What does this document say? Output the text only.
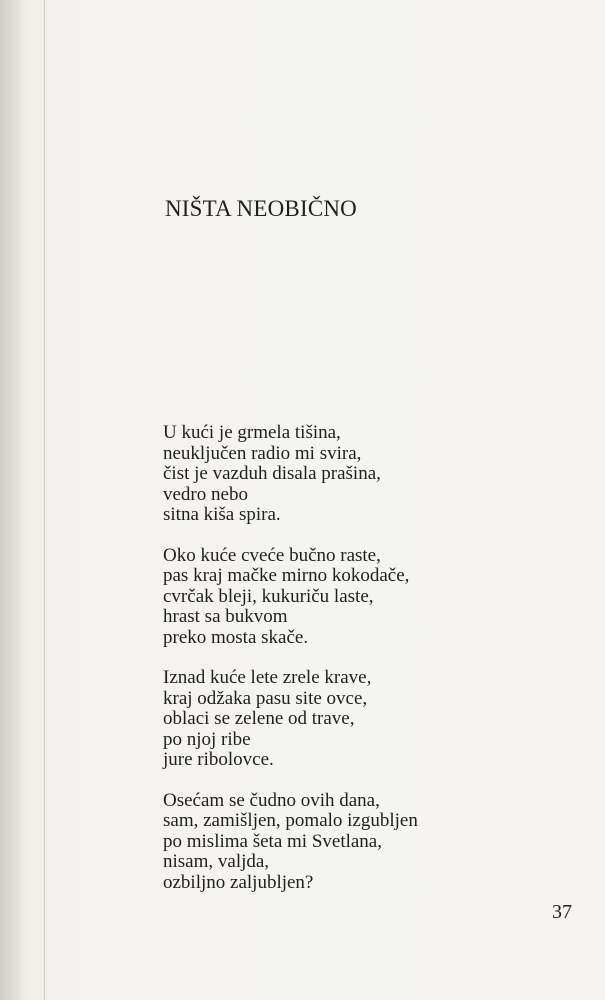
NIŠTA NEOBIČNO
U kući je grmela tišina,
neuključen radio mi svira,
čist je vazduh disala prašina,
vedro nebo
sitna kiša spira.
Oko kuće cveće bučno raste,
pas kraj mačke mirno kokodače,
cvrčak bleji, kukuriču laste,
hrast sa bukvom
preko mosta skače.
Iznad kuće lete zrele krave,
kraj odžaka pasu site ovce,
oblaci se zelene od trave,
po njoj ribe
jure ribolovce.
Osećam se čudno ovih dana,
sam, zamišljen, pomalo izgubljen
po mislima šeta mi Svetlana,
nisam, valjda,
ozbiljno zaljubljen?
37
